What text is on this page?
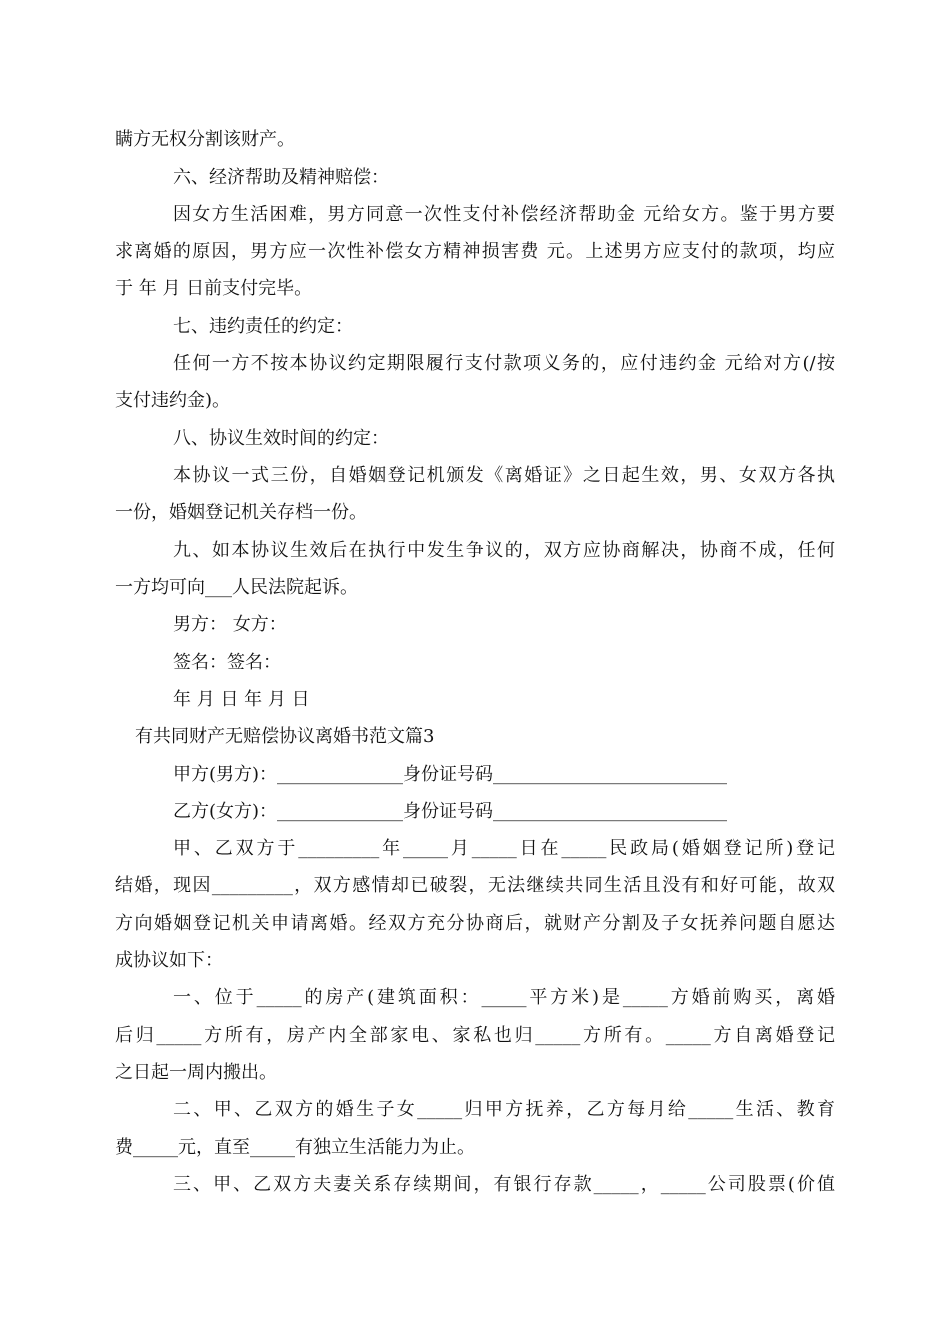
瞒方无权分割该财产。
六、经济帮助及精神赔偿：
因女方生活困难，男方同意一次性支付补偿经济帮助金 元给女方。鉴于男方要
求离婚的原因，男方应一次性补偿女方精神损害费 元。上述男方应支付的款项，均应
于 年 月 日前支付完毕。
七、违约责任的约定：
任何一方不按本协议约定期限履行支付款项义务的，应付违约金 元给对方(/按
支付违约金)。
八、协议生效时间的约定：
本协议一式三份，自婚姻登记机颁发《离婚证》之日起生效，男、女双方各执
一份，婚姻登记机关存档一份。
九、如本协议生效后在执行中发生争议的，双方应协商解决，协商不成，任何
一方均可向___人民法院起诉。
男方： 女方：
签名：签名：
年 月 日 年 月 日
有共同财产无赔偿协议离婚书范文篇3
甲方(男方)：______________身份证号码__________________________
乙方(女方)：______________身份证号码__________________________
甲、乙双方于_________年_____月_____日在_____民政局(婚姻登记所)登记
结婚，现因_________，双方感情却已破裂，无法继续共同生活且没有和好可能，故双
方向婚姻登记机关申请离婚。经双方充分协商后，就财产分割及子女抚养问题自愿达
成协议如下：
一、位于_____的房产(建筑面积：_____平方米)是_____方婚前购买，离婚
后归_____方所有，房产内全部家电、家私也归_____方所有。_____方自离婚登记
之日起一周内搬出。
二、甲、乙双方的婚生子女_____归甲方抚养，乙方每月给_____生活、教育
费_____元，直至_____有独立生活能力为止。
三、甲、乙双方夫妻关系存续期间，有银行存款_____，_____公司股票(价值
